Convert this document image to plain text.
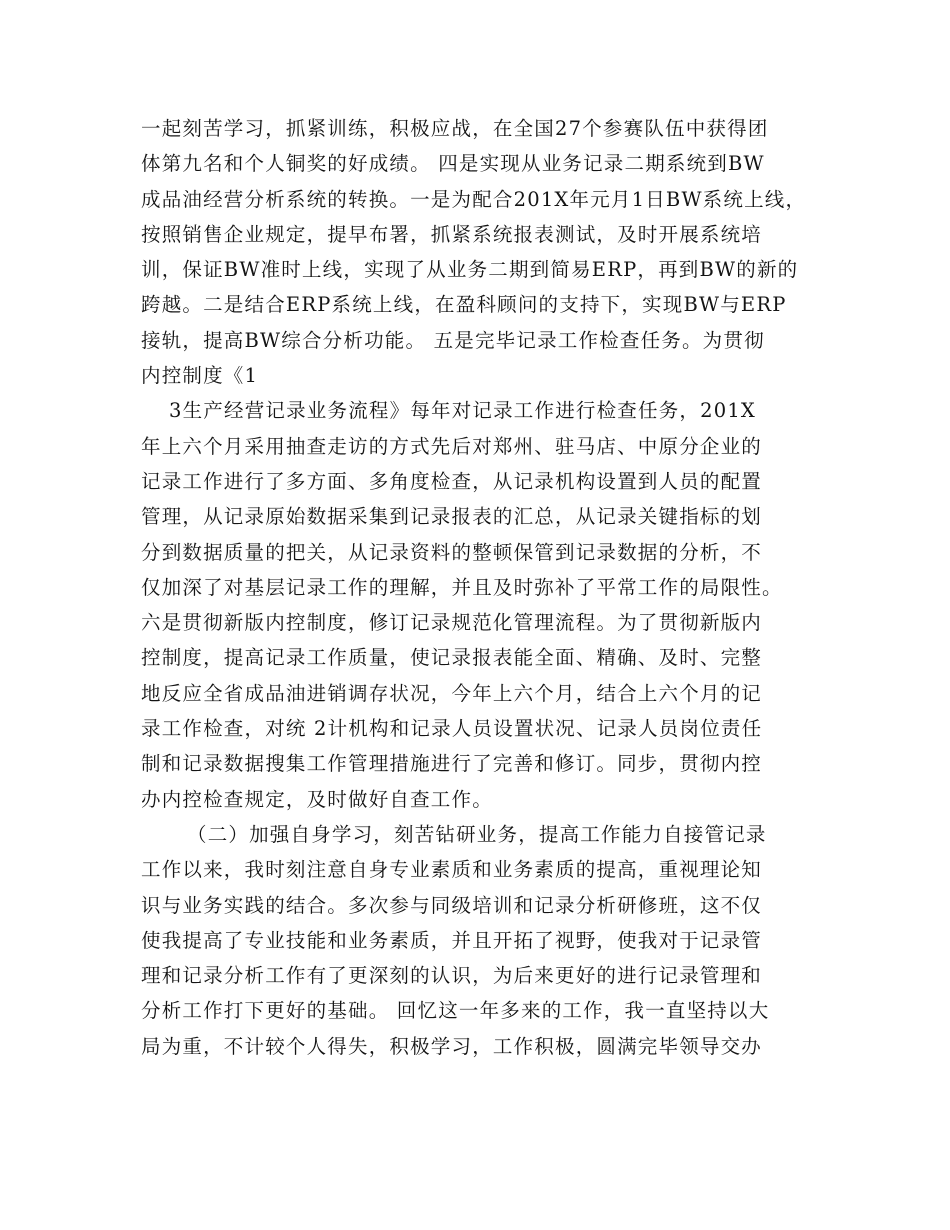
一起刻苦学习，抓紧训练，积极应战，在全国27个参赛队伍中获得团
体第九名和个人铜奖的好成绩。 四是实现从业务记录二期系统到BW
成品油经营分析系统的转换。一是为配合201X年元月1日BW系统上线，
按照销售企业规定，提早布署，抓紧系统报表测试，及时开展系统培
训，保证BW准时上线，实现了从业务二期到简易ERP，再到BW的新的
跨越。二是结合ERP系统上线，在盈科顾问的支持下，实现BW与ERP
接轨，提高BW综合分析功能。 五是完毕记录工作检查任务。为贯彻
内控制度《1
3生产经营记录业务流程》每年对记录工作进行检查任务，201X
年上六个月采用抽查走访的方式先后对郑州、驻马店、中原分企业的
记录工作进行了多方面、多角度检查，从记录机构设置到人员的配置
管理，从记录原始数据采集到记录报表的汇总，从记录关键指标的划
分到数据质量的把关，从记录资料的整顿保管到记录数据的分析，不
仅加深了对基层记录工作的理解，并且及时弥补了平常工作的局限性。
六是贯彻新版内控制度，修订记录规范化管理流程。为了贯彻新版内
控制度，提高记录工作质量，使记录报表能全面、精确、及时、完整
地反应全省成品油进销调存状况，今年上六个月，结合上六个月的记
录工作检查，对统 2计机构和记录人员设置状况、记录人员岗位责任
制和记录数据搜集工作管理措施进行了完善和修订。同步，贯彻内控
办内控检查规定，及时做好自查工作。
（二）加强自身学习，刻苦钻研业务，提高工作能力自接管记录
工作以来，我时刻注意自身专业素质和业务素质的提高，重视理论知
识与业务实践的结合。多次参与同级培训和记录分析研修班，这不仅
使我提高了专业技能和业务素质，并且开拓了视野，使我对于记录管
理和记录分析工作有了更深刻的认识，为后来更好的进行记录管理和
分析工作打下更好的基础。 回忆这一年多来的工作，我一直坚持以大
局为重，不计较个人得失，积极学习，工作积极，圆满完毕领导交办
